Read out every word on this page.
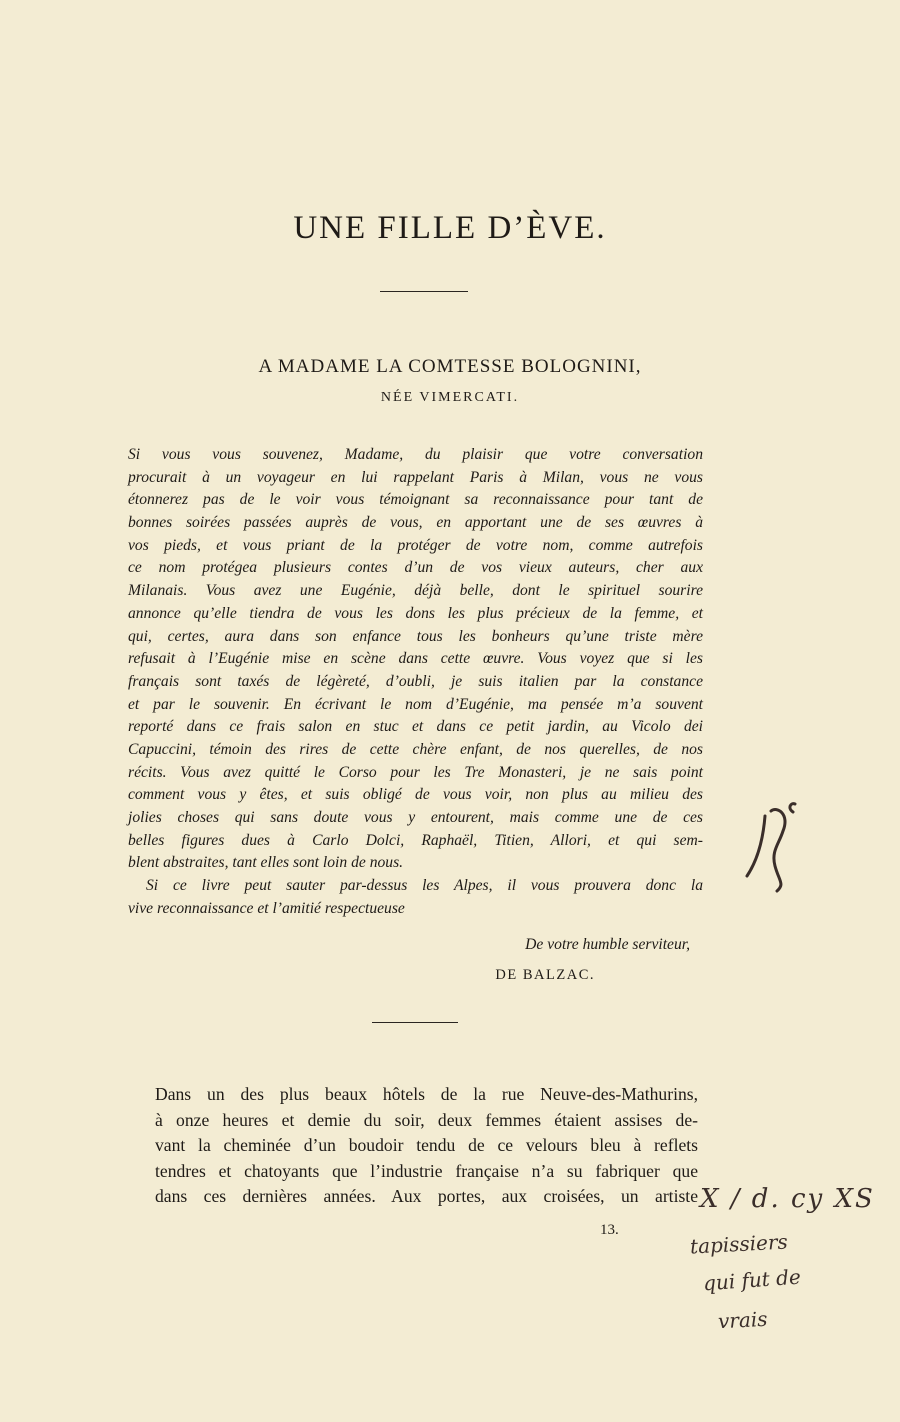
UNE FILLE D’ÈVE.
A MADAME LA COMTESSE BOLOGNINI,
NÉE VIMERCATI.
Si vous vous souvenez, Madame, du plaisir que votre conversation
procurait à un voyageur en lui rappelant Paris à Milan, vous ne vous
étonnerez pas de le voir vous témoignant sa reconnaissance pour tant de
bonnes soirées passées auprès de vous, en apportant une de ses œuvres à
vos pieds, et vous priant de la protéger de votre nom, comme autrefois
ce nom protégea plusieurs contes d’un de vos vieux auteurs, cher aux
Milanais. Vous avez une Eugénie, déjà belle, dont le spirituel sourire
annonce qu’elle tiendra de vous les dons les plus précieux de la femme, et
qui, certes, aura dans son enfance tous les bonheurs qu’une triste mère
refusait à l’Eugénie mise en scène dans cette œuvre. Vous voyez que si les
français sont taxés de légèreté, d’oubli, je suis italien par la constance
et par le souvenir. En écrivant le nom d’Eugénie, ma pensée m’a souvent
reporté dans ce frais salon en stuc et dans ce petit jardin, au Vicolo dei
Capuccini, témoin des rires de cette chère enfant, de nos querelles, de nos
récits. Vous avez quitté le Corso pour les Tre Monasteri, je ne sais point
comment vous y êtes, et suis obligé de vous voir, non plus au milieu des
jolies choses qui sans doute vous y entourent, mais comme une de ces
belles figures dues à Carlo Dolci, Raphaël, Titien, Allori, et qui sem-
blent abstraites, tant elles sont loin de nous.
Si ce livre peut sauter par-dessus les Alpes, il vous prouvera donc la
vive reconnaissance et l’amitié respectueuse
De votre humble serviteur,
DE BALZAC.
Dans un des plus beaux hôtels de la rue Neuve-des-Mathurins,
à onze heures et demie du soir, deux femmes étaient assises de-
vant la cheminée d’un boudoir tendu de ce velours bleu à reflets
tendres et chatoyants que l’industrie française n’a su fabriquer que
dans ces dernières années. Aux portes, aux croisées, un artiste
13.
X / d. cy XS
tapissiers
qui fut de
vrais
